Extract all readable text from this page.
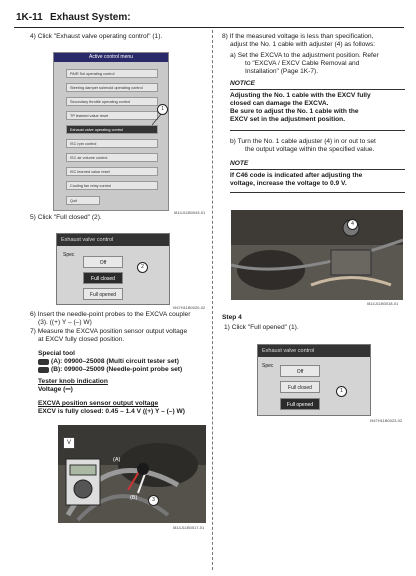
1K-11 Exhaust System:
4) Click "Exhaust valve operating control" (1).
Active control menu
PAIR Sol operating control
Steering damper solenoid operating control
Secondary throttle operating control
TP learned value reset
Exhaust valve operating control
ISC rpm control
ISC air volume control
ISC learned value reset
Cooling fan relay control
Quit
1
I814J11B0043-01
5) Click "Full closed" (2).
Exhaust valve control
Spec
Off
Full closed
Full opened
2
I947H11B0020-02
6) Insert the needle-point probes to the EXCVA coupler
(3). ((+) Y – (–) W)
7) Measure the EXCVA position sensor output voltage
at EXCV fully closed position.
Special tool
(A): 09900–25008 (Multi circuit tester set)
(B): 09900–25009 (Needle-point probe set)
Tester knob indication
Voltage (⎓)
EXCVA position sensor output voltage
EXCV is fully closed: 0.45 – 1.4 V ((+) Y – (–) W)
V
(A)
(B)	3
I814J11B0017-01
8) If the measured voltage is less than specification,
adjust the No. 1 cable with adjuster (4) as follows:
a) Set the EXCVA to the adjustment position. Refer
to "EXCVA / EXCV Cable Removal and
Installation" (Page 1K-7).
NOTICE
Adjusting the No. 1 cable with the EXCV fully
closed can damage the EXCVA.
Be sure to adjust the No. 1 cable with the
EXCV set in the adjustment position.
b) Turn the No. 1 cable adjuster (4) in or out to set
the output voltage within the specified value.
NOTE
If C46 code is indicated after adjusting the
voltage, increase the voltage to 0.9 V.
4
I814J11B0018-01
Step 4
1) Click "Full opened" (1).
Exhaust valve control
Spec
Off
Full closed
Full opened
1
I947H11B0023-02
